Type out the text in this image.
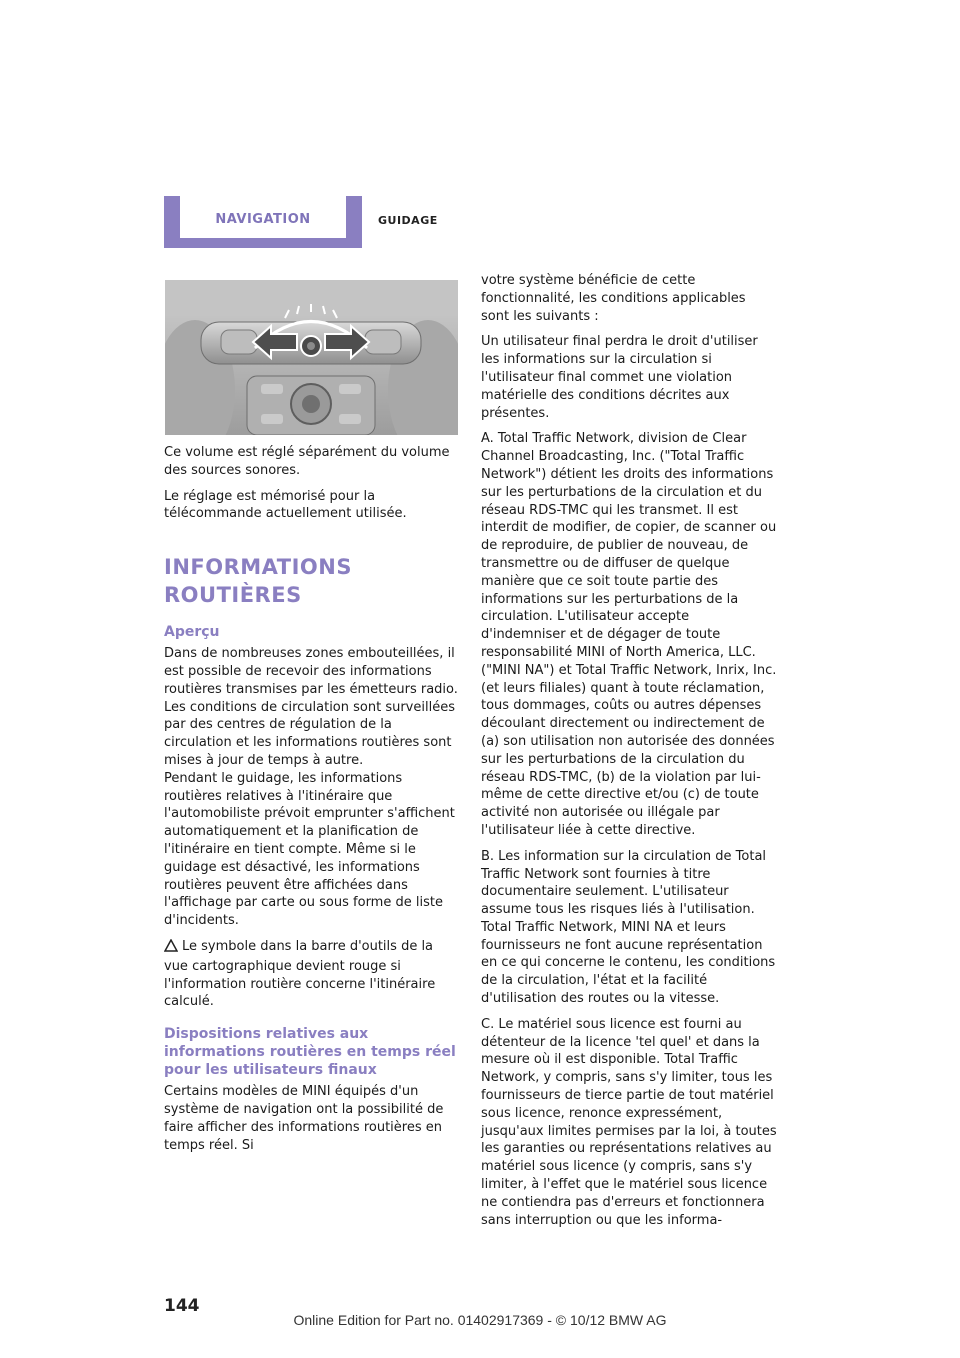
NAVIGATION	GUIDAGE

Ce volume est réglé séparément du volume des sources sonores.

Le réglage est mémorisé pour la télécommande actuellement utilisée.

INFORMATIONS ROUTIÈRES
Aperçu

Dans de nombreuses zones embouteillées, il est possible de recevoir des informations routières transmises par les émetteurs radio. Les conditions de circulation sont surveillées par des centres de régulation de la circulation et les informations routières sont mises à jour de temps à autre.

Pendant le guidage, les informations routières relatives à l'itinéraire que l'automobiliste prévoit emprunter s'affichent automatiquement et la planification de l'itinéraire en tient compte. Même si le guidage est désactivé, les informations routières peuvent être affichées dans l'affichage par carte ou sous forme de liste d'incidents.

Le symbole dans la barre d'outils de la vue cartographique devient rouge si l'information routière concerne l'itinéraire calculé.

Dispositions relatives aux informations routières en temps réel pour les utilisateurs finaux

Certains modèles de MINI équipés d'un système de navigation ont la possibilité de faire afficher des informations routières en temps réel. Si

votre système bénéficie de cette fonctionnalité, les conditions applicables sont les suivants :

Un utilisateur final perdra le droit d'utiliser les informations sur la circulation si l'utilisateur final commet une violation matérielle des conditions décrites aux présentes.

A. Total Traffic Network, division de Clear Channel Broadcasting, Inc. ("Total Traffic Network") détient les droits des informations sur les perturbations de la circulation et du réseau RDS-TMC qui les transmet. Il est interdit de modifier, de copier, de scanner ou de reproduire, de publier de nouveau, de transmettre ou de diffuser de quelque manière que ce soit toute partie des informations sur les perturbations de la circulation. L'utilisateur accepte d'indemniser et de dégager de toute responsabilité MINI of North America, LLC. ("MINI NA") et Total Traffic Network, Inrix, Inc. (et leurs filiales) quant à toute réclamation, tous dommages, coûts ou autres dépenses découlant directement ou indirectement de (a) son utilisation non autorisée des données sur les perturbations de la circulation du réseau RDS-TMC, (b) de la violation par lui-même de cette directive et/ou (c) de toute activité non autorisée ou illégale par l'utilisateur liée à cette directive.

B. Les information sur la circulation de Total Traffic Network sont fournies à titre documentaire seulement. L'utilisateur assume tous les risques liés à l'utilisation. Total Traffic Network, MINI NA et leurs fournisseurs ne font aucune représentation en ce qui concerne le contenu, les conditions de la circulation, l'état et la facilité d'utilisation des routes ou la vitesse.

C. Le matériel sous licence est fourni au détenteur de la licence 'tel quel' et dans la mesure où il est disponible. Total Traffic Network, y compris, sans s'y limiter, tous les fournisseurs de tierce partie de tout matériel sous licence, renonce expressément, jusqu'aux limites permises par la loi, à toutes les garanties ou représentations relatives au matériel sous licence (y compris, sans s'y limiter, à l'effet que le matériel sous licence ne contiendra pas d'erreurs et fonctionnera sans interruption ou que les informa-

144
Online Edition for Part no. 01402917369 - © 10/12 BMW AG
